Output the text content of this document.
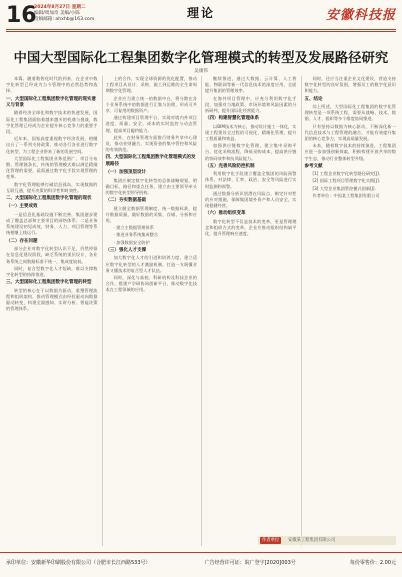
16
2024年8月27日 星期二
编辑/周加奇 美编/小陈
投稿邮箱: ahxhb@163.com	理论	安徽科技报
中国大型国际化工程集团数字化管理模式的转型及发展路径研究
吴康伟
本篇。随着数智化时代的到来，在企业中数字化转型已经成为当今管理中的必然趋势和选择。
一、大型国际化工程集团数字化管理的现实意义与背景
随着经济全球化和数字技术的快速发展，国际化工程集团面临着越来越多的机遇与挑战，数字化管理已经成为企业提升核心竞争力的重要手段。
近年来，国家高度重视数字经济发展，相继出台了一系列支持政策，推动各行各业进行数字化转型，为工程企业带来了新的发展空间。
大型国际化工程集团业务范围广、项目分布散、管理链条长，传统的管理模式难以满足精细化管理的需要，亟需通过数字化手段实现管理的变革。
数字化管理能够打破信息孤岛，实现数据的互联互通，提升决策的科学性和时效性。
二、大型国际化工程集团数字化管理的现状
（一）主要成效
一是信息化基础设施不断完善，集团逐步建成了覆盖总部和主要项目的网络体系；二是业务系统建设初见成效，财务、人力、项目管理等系统相继上线运行。
（二）存在问题
部分企业对数字化转型认识不足，仍然停留在信息化建设阶段，缺乏系统的顶层设计，各业务系统之间数据标准不统一，集成度较低。
同时，复合型数字化人才短缺，难以支撑数字化转型的持续推进。
三、大型国际化工程集团数字化管理的转型
转型的核心在于以数据为驱动，重塑管理流程和组织架构，推动管理模式由经验驱动向数据驱动转变，构建全面感知、实时分析、智能决策的管理体系。
上的合作，实现全球资源的优化配置，推动工程项目从设计、采购、施工到运维的全生命周期数字化管理。
企业应当建立统一的数据中台，将分散在各个业务系统中的数据进行汇集与治理，形成可共享、可复用的数据资产。
通过构建项目管理平台，实现对境内外项目进度、质量、安全、成本的实时监控与动态管理，提高项目履约能力。
此外，在财务管理方面推行财务共享中心建设，推动业财融合，实现资金的集中管控和风险的有效防范。
四、大型国际化工程集团数字化管理模式的发展路径
（一）加强顶层设计
集团应制定数字化转型的总体战略规划，明确目标、路径和重点任务，建立由主要领导牵头的数字化转型领导机构。
（二）夯实数据基础
建立健全数据管理制度，统一数据标准，提升数据质量，做好数据的采集、存储、分析和应用。
· 建立主数据管理体系
· 推进业务系统集成整合
· 加强数据安全防护
（三）强化人才支撑
加大数字化人才的引进和培养力度，建立适应数字化转型的人才激励机制，打造一支既懂业务又懂技术的复合型人才队伍。
同时，深化与高校、科研机构及科技企业的合作，搭建产学研协同创新平台，推动数字化技术在工程领域的应用。
继续推进，通过大数据、云计算、人工智能、物联网等新一代信息技术的深度应用，全面提升集团的管理效率。
在海外项目管理中，应充分利用数字化手段，加强对当地政策、市场环境和风险因素的分析研判，提升国际化经营能力。
（四）构建智慧化管理体系
以BIM技术为核心，推动设计施工一体化，实现工程建设全过程的可视化、精细化管理，提升工程质量和效益。
加强供应链数字化管理，建立集中采购平台，优化采购流程，降低采购成本，提高供应链的协同效率和抗风险能力。
（五）完善风险防控机制
利用数字化手段建立覆盖全集团的风险预警体系，对法律、汇率、政治、安全等风险进行实时监测和预警。
通过数据分析识别潜在风险点，制定针对性的应对措施，保障集团境外资产和人员安全，实现稳健经营。
（六）推动组织变革
数字化转型不仅是技术的变革，更是管理理念和组织方式的变革，企业应推动组织结构扁平化，提升管理响应速度。
同时，还应当注重企业文化建设，营造支持数字化转型的良好氛围，增强员工的数字化意识和能力。
五、结论
综上所述，大型国际化工程集团的数字化管理转型是一项系统工程，需要从战略、技术、数据、人才、组织等多个维度协同推进。
只有坚持以数据为核心驱动，不断深化新一代信息技术与工程管理的融合，才能有效提升集团的核心竞争力，实现高质量发展。
未来，随着数字技术的持续演进，工程集团应进一步加强创新探索，积极构建开放共享的数字生态，推动行业整体转型升级。
参考文献
[1] 工程企业数字化转型路径研究[J].
[2] 国际工程项目管理数字化实践[J].
[3] 大型企业集团管控模式创新[J].
作者单位：中国某工程集团有限公司
作者单位	安徽某工程集团有限公司
承印单位：安徽新华印刷股份有限公司（合肥市长江西路533号）	广告经营许可证：皖广登字[2020]003号	每份零售价：2.00元
